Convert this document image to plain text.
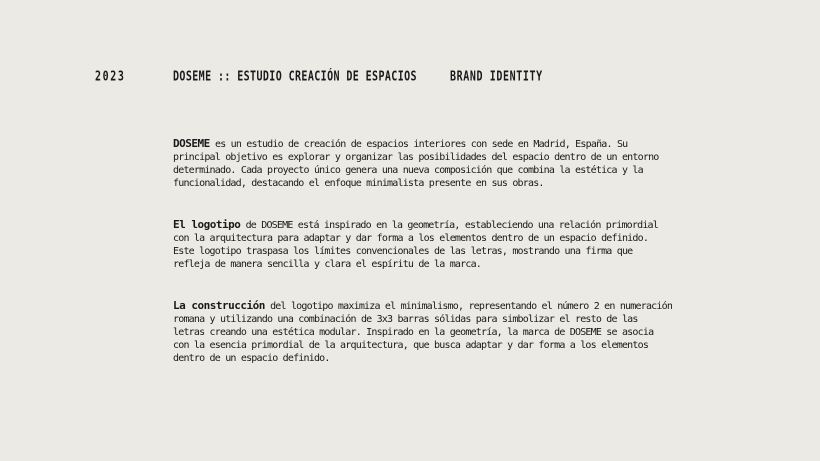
2023	DOSEME :: ESTUDIO CREACIÓN DE ESPACIOS	BRAND IDENTITY

DOSEME es un estudio de creación de espacios interiores con sede en Madrid, España. Su principal objetivo es explorar y organizar las posibilidades del espacio dentro de un entorno determinado. Cada proyecto único genera una nueva composición que combina la estética y la funcionalidad, destacando el enfoque minimalista presente en sus obras.

El logotipo de DOSEME está inspirado en la geometría, estableciendo una relación primordial con la arquitectura para adaptar y dar forma a los elementos dentro de un espacio definido. Este logotipo traspasa los límites convencionales de las letras, mostrando una firma que refleja de manera sencilla y clara el espíritu de la marca.

La construcción del logotipo maximiza el minimalismo, representando el número 2 en numeración romana y utilizando una combinación de 3x3 barras sólidas para simbolizar el resto de las letras creando una estética modular. Inspirado en la geometría, la marca de DOSEME se asocia con la esencia primordial de la arquitectura, que busca adaptar y dar forma a los elementos dentro de un espacio definido.
